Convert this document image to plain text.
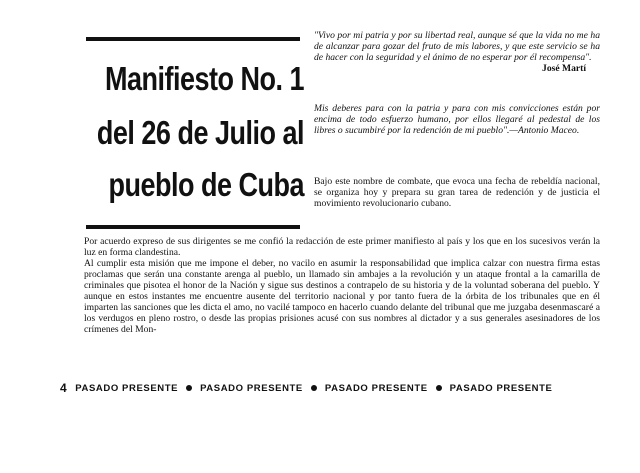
Manifiesto No. 1
del 26 de Julio al
pueblo de Cuba
"Vivo por mi patria y por su libertad real, aunque sé que la vida no me ha de alcanzar para gozar del fruto de mis labores, y que este servicio se ha de hacer con la seguridad y el ánimo de no esperar por él recompensa".
José Martí
Mis deberes para con la patria y para con mis convicciones están por encima de todo esfuerzo humano, por ellos llegaré al pedestal de los libres o sucumbiré por la redención de mi pueblo".—Antonio Maceo.
Bajo este nombre de combate, que evoca una fecha de rebeldía nacional, se organiza hoy y prepara su gran tarea de redención y de justicia el movimiento revolucionario cubano.

Por acuerdo expreso de sus dirigentes se me confió la redacción de este primer manifiesto al país y los que en los sucesivos verán la luz en forma clandestina.

Al cumplir esta misión que me impone el deber, no vacilo en asumir la responsabilidad que implica calzar con nuestra firma estas proclamas que serán una constante arenga al pueblo, un llamado sin ambajes a la revolución y un ataque frontal a la camarilla de criminales que pisotea el honor de la Nación y sigue sus destinos a contrapelo de su historia y de la voluntad soberana del pueblo. Y aunque en estos instantes me encuentre ausente del territorio nacional y por tanto fuera de la órbita de los tribunales que en él imparten las sanciones que les dicta el amo, no vacilé tampoco en hacerlo cuando delante del tribunal que me juzgaba desenmascaré a los verdugos en pleno rostro, o desde las propias prisiones acusé con sus nombres al dictador y a sus generales asesinadores de los crímenes del Mon-

4 PASADO PRESENTE PASADO PRESENTE PASADO PRESENTE PASADO PRESENTE
